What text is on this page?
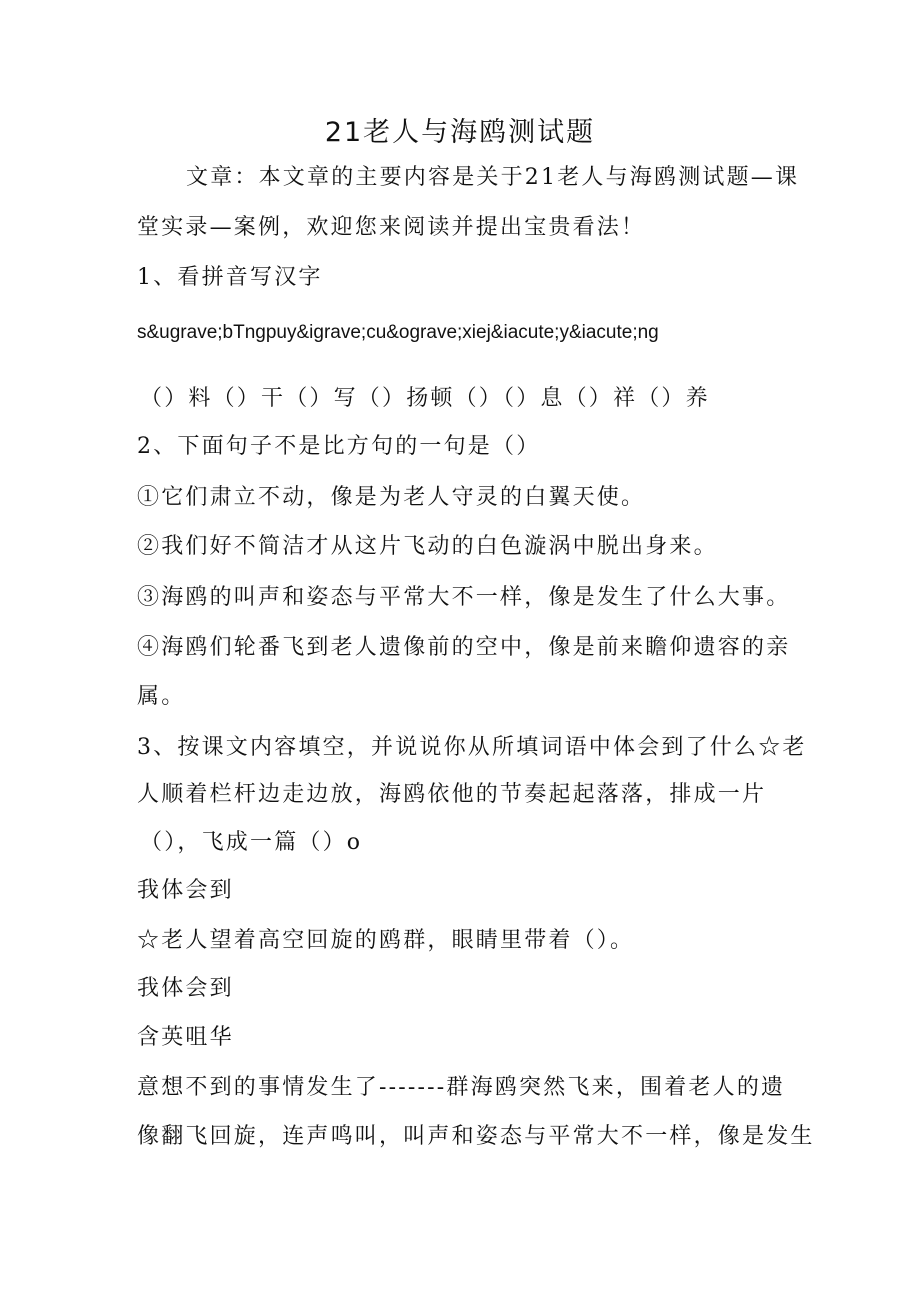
21老人与海鸥测试题
文章：本文章的主要内容是关于21老人与海鸥测试题—课
堂实录—案例，欢迎您来阅读并提出宝贵看法！
1、看拼音写汉字
s&ugrave;bTngpuy&igrave;cu&ograve;xiej&iacute;y&iacute;ng
（）料（）干（）写（）扬顿（）（）息（）祥（）养
2、下面句子不是比方句的一句是（）
①它们肃立不动，像是为老人守灵的白翼天使。
②我们好不简洁才从这片飞动的白色漩涡中脱出身来。
③海鸥的叫声和姿态与平常大不一样，像是发生了什么大事。
④海鸥们轮番飞到老人遗像前的空中，像是前来瞻仰遗容的亲
属。
3、按课文内容填空，并说说你从所填词语中体会到了什么☆老
人顺着栏杆边走边放，海鸥依他的节奏起起落落，排成一片
（），飞成一篇（）o
我体会到
☆老人望着高空回旋的鸥群，眼睛里带着（）。
我体会到
含英咀华
意想不到的事情发生了-------群海鸥突然飞来，围着老人的遗
像翻飞回旋，连声鸣叫，叫声和姿态与平常大不一样，像是发生
